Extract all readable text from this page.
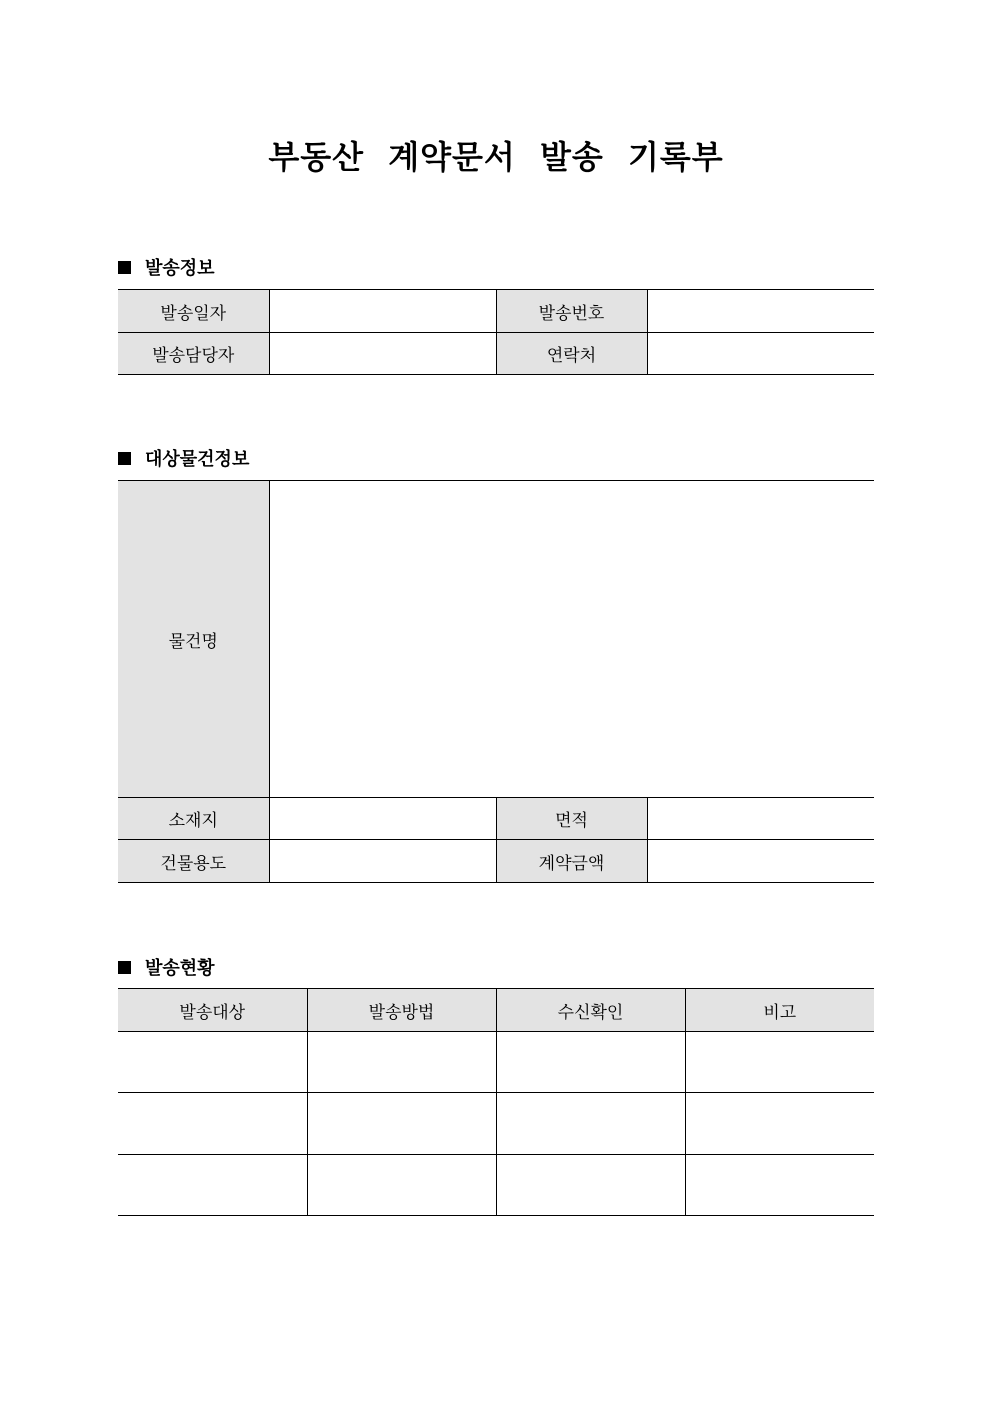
부동산 계약문서 발송 기록부
발송정보
발송일자		발송번호	
발송담당자		연락처	
대상물건정보
물건명			
소재지		면적	
건물용도		계약금액	
발송현황
발송대상	발송방법	수신확인	비고
